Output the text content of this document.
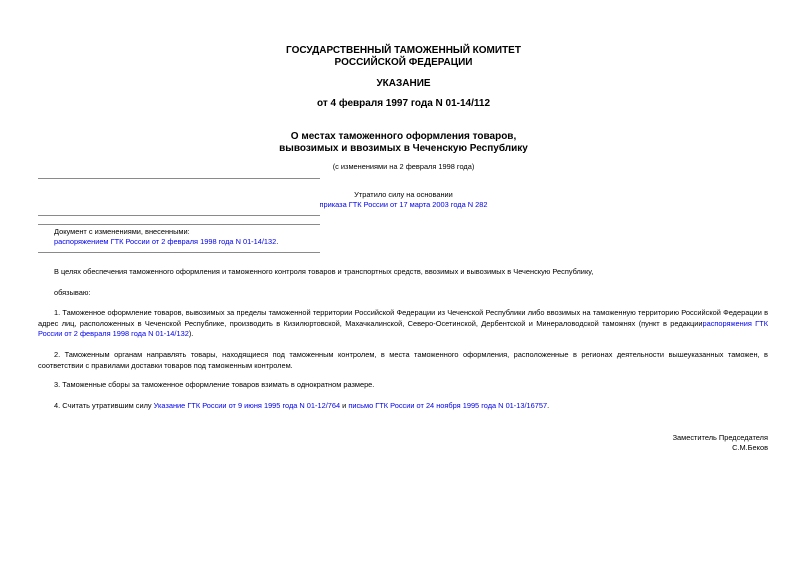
ГОСУДАРСТВЕННЫЙ ТАМОЖЕННЫЙ КОМИТЕТ
РОССИЙСКОЙ ФЕДЕРАЦИИ
УКАЗАНИЕ
от 4 февраля 1997 года N 01-14/112
О местах таможенного оформления товаров,
вывозимых и ввозимых в Чеченскую Республику
(с изменениями на 2 февраля 1998 года)
Утратило силу на основании
приказа ГТК России от 17 марта 2003 года N 282
Документ с изменениями, внесенными:
распоряжением ГТК России от 2 февраля 1998 года N 01-14/132.
В целях обеспечения таможенного оформления и таможенного контроля товаров и транспортных средств, ввозимых и вывозимых в Чеченскую Республику,
обязываю:
1. Таможенное оформление товаров, вывозимых за пределы таможенной территории Российской Федерации из Чеченской Республики либо ввозимых на таможенную территорию Российской Федерации в адрес лиц, расположенных в Чеченской Республике, производить в Кизилюртовской, Махачкалинской, Северо-Осетинской, Дербентской и Минераловодской таможнях (пункт в редакциираспоряжения ГТК России от 2 февраля 1998 года N 01-14/132).
2. Таможенным органам направлять товары, находящиеся под таможенным контролем, в места таможенного оформления, расположенные в регионах деятельности вышеуказанных таможен, в соответствии с правилами доставки товаров под таможенным контролем.
3. Таможенные сборы за таможенное оформление товаров взимать в однократном размере.
4. Считать утратившим силу Указание ГТК России от 9 июня 1995 года N 01-12/764 и письмо ГТК России от 24 ноября 1995 года N 01-13/16757.
Заместитель Председателя
С.М.Беков
